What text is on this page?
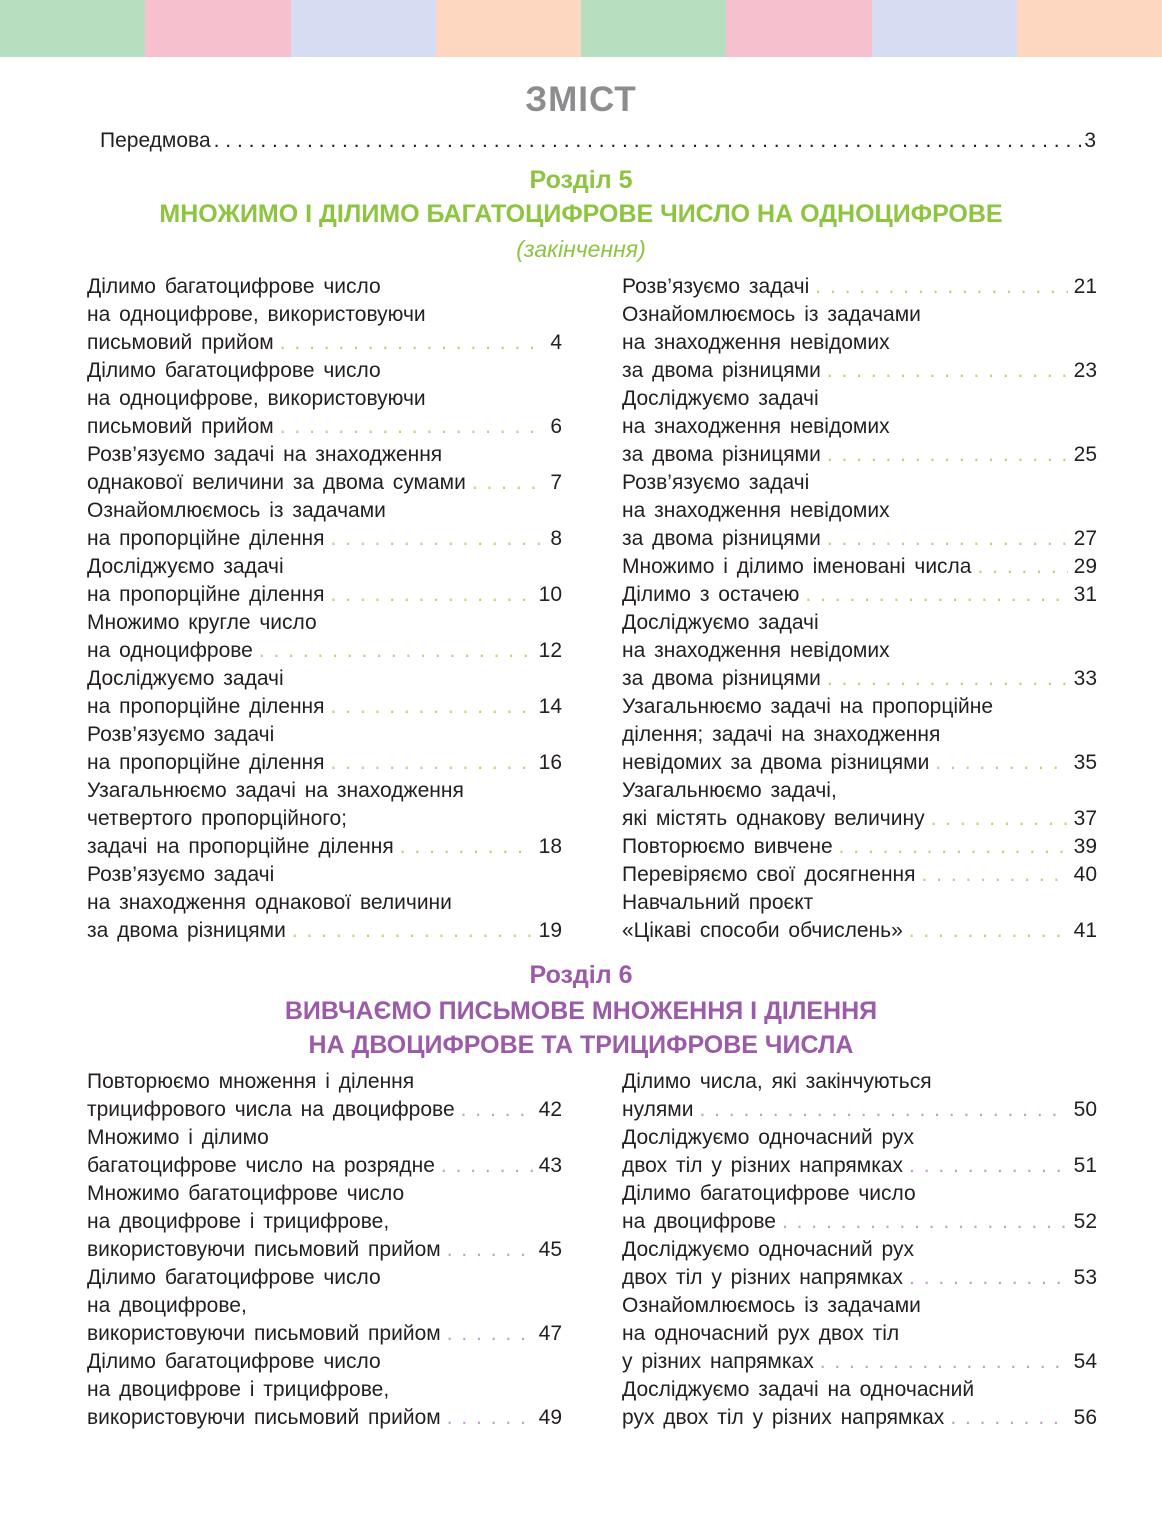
ЗМІСТ
Передмова . . .	3
Розділ 5
МНОЖИМО І ДІЛИМО БАГАТОЦИФРОВЕ ЧИСЛО НА ОДНОЦИФРОВЕ
(закінчення)
Ділимо багатоцифрове число
на одноцифрове, використовуючи
письмовий прийом . . .	4
Ділимо багатоцифрове число
на одноцифрове, використовуючи
письмовий прийом . . .	6
Розв’язуємо задачі на знаходження
однакової величини за двома сумами . . .	7
Ознайомлюємось із задачами
на пропорційне ділення . . .	8
Досліджуємо задачі
на пропорційне ділення . . .	10
Множимо кругле число
на одноцифрове . . .	12
Досліджуємо задачі
на пропорційне ділення . . .	14
Розв’язуємо задачі
на пропорційне ділення . . .	16
Узагальнюємо задачі на знаходження
четвертого пропорційного;
задачі на пропорційне ділення . . .	18
Розв’язуємо задачі
на знаходження однакової величини
за двома різницями . . .	19
Розв’язуємо задачі . . .	21
Ознайомлюємось із задачами
на знаходження невідомих
за двома різницями . . .	23
Досліджуємо задачі
на знаходження невідомих
за двома різницями . . .	25
Розв’язуємо задачі
на знаходження невідомих
за двома різницями . . .	27
Множимо і ділимо іменовані числа . . .	29
Ділимо з остачею . . .	31
Досліджуємо задачі
на знаходження невідомих
за двома різницями . . .	33
Узагальнюємо задачі на пропорційне
ділення; задачі на знаходження
невідомих за двома різницями . . .	35
Узагальнюємо задачі,
які містять однакову величину . . .	37
Повторюємо вивчене . . .	39
Перевіряємо свої досягнення . . .	40
Навчальний проєкт
«Цікаві способи обчислень» . . .	41
Розділ 6
ВИВЧАЄМО ПИСЬМОВЕ МНОЖЕННЯ І ДІЛЕННЯ
НА ДВОЦИФРОВЕ ТА ТРИЦИФРОВЕ ЧИСЛА
Повторюємо множення і ділення
трицифрового числа на двоцифрове . . .	42
Множимо і ділимо
багатоцифрове число на розрядне . . .	43
Множимо багатоцифрове число
на двоцифрове і трицифрове,
використовуючи письмовий прийом . . .	45
Ділимо багатоцифрове число
на двоцифрове,
використовуючи письмовий прийом . . .	47
Ділимо багатоцифрове число
на двоцифрове і трицифрове,
використовуючи письмовий прийом . . .	49
Ділимо числа, які закінчуються
нулями . . .	50
Досліджуємо одночасний рух
двох тіл у різних напрямках . . .	51
Ділимо багатоцифрове число
на двоцифрове . . .	52
Досліджуємо одночасний рух
двох тіл у різних напрямках . . .	53
Ознайомлюємось із задачами
на одночасний рух двох тіл
у різних напрямках . . .	54
Досліджуємо задачі на одночасний
рух двох тіл у різних напрямках . . .	56
